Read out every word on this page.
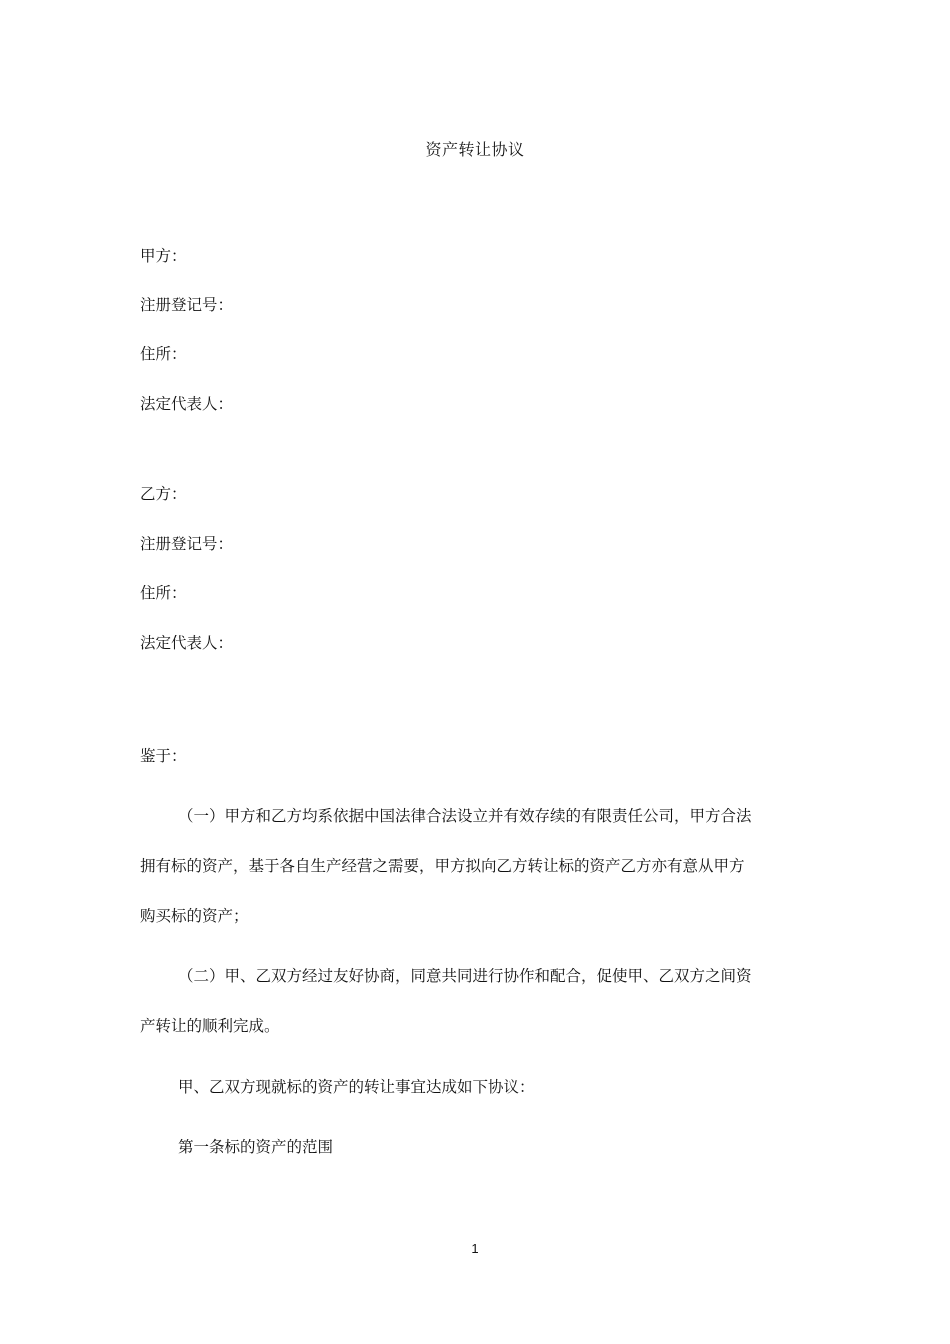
资产转让协议
甲方：
注册登记号：
住所：
法定代表人：
乙方：
注册登记号：
住所：
法定代表人：
鉴于：
（一）甲方和乙方均系依据中国法律合法设立并有效存续的有限责任公司，甲方合法
拥有标的资产，基于各自生产经营之需要，甲方拟向乙方转让标的资产乙方亦有意从甲方
购买标的资产；
（二）甲、乙双方经过友好协商，同意共同进行协作和配合，促使甲、乙双方之间资
产转让的顺利完成。
甲、乙双方现就标的资产的转让事宜达成如下协议：
第一条标的资产的范围
1
